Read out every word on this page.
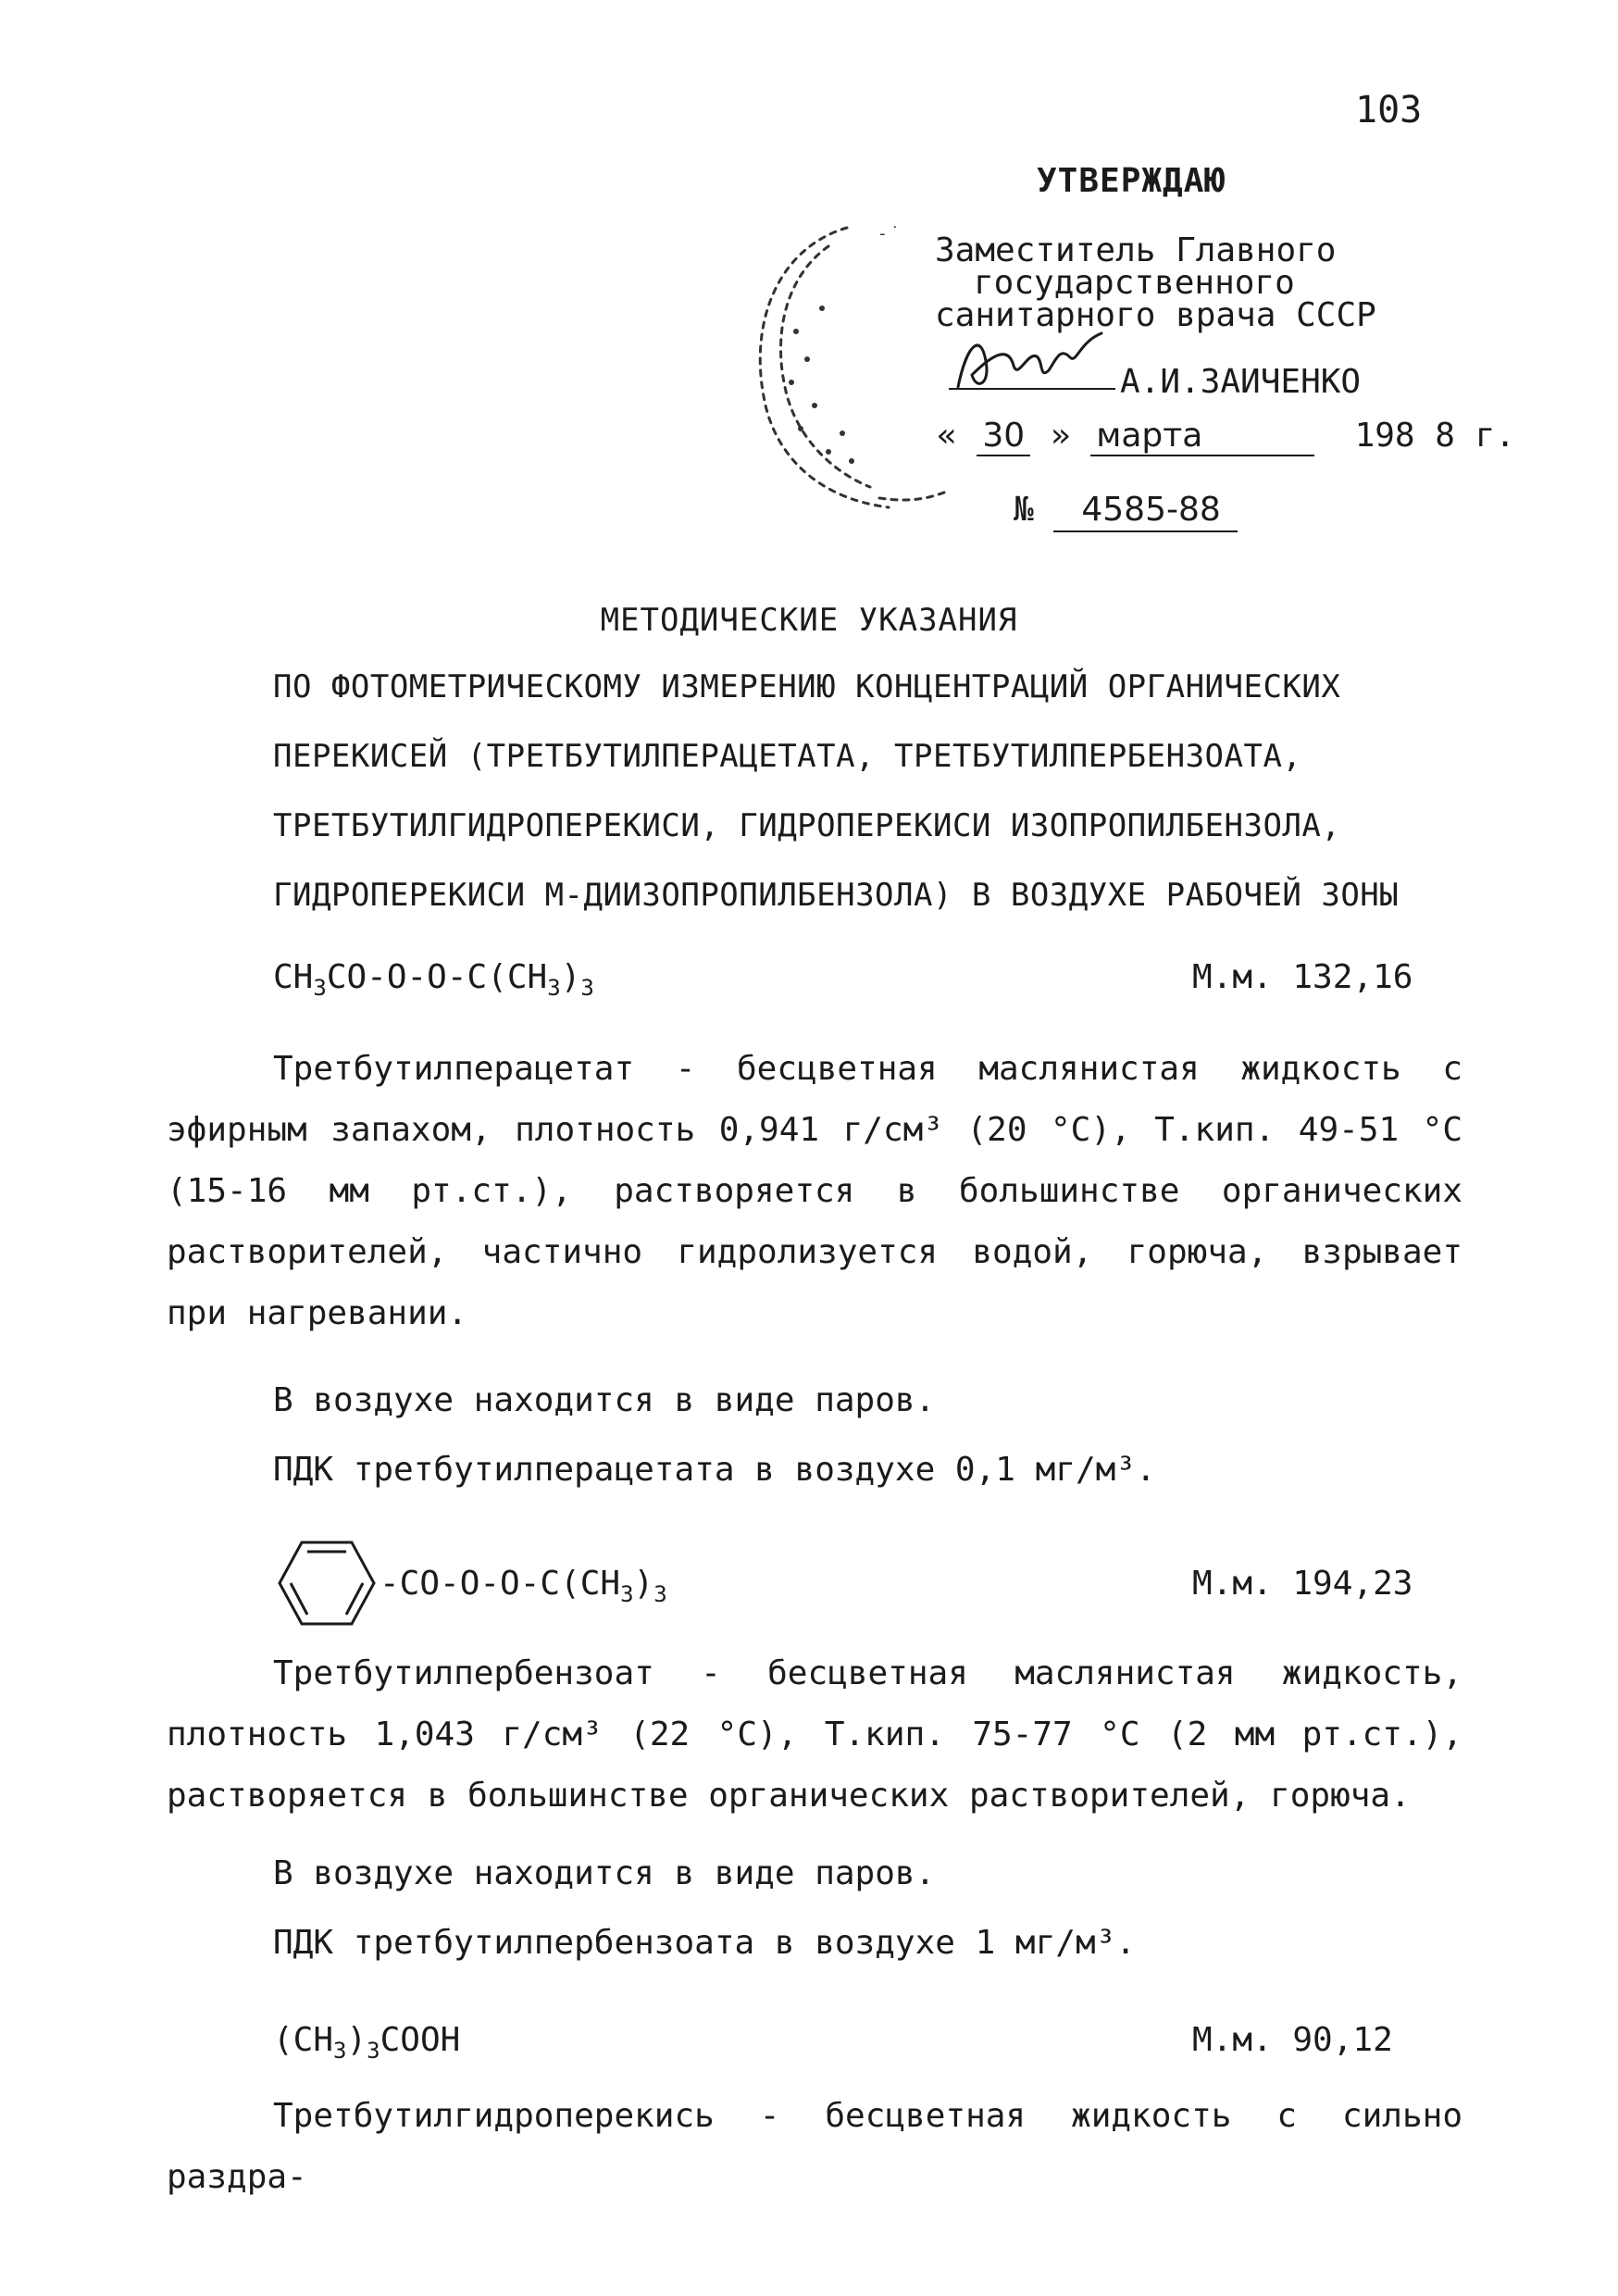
103
- ˙
УТВЕРЖДАЮ
Заместитель Главного
государственного
санитарного врача СССР
А.И.ЗАИЧЕНКО
« 30 » марта	198 8 г.
№ 4585-88
МЕТОДИЧЕСКИЕ УКАЗАНИЯ
ПО ФОТОМЕТРИЧЕСКОМУ ИЗМЕРЕНИЮ КОНЦЕНТРАЦИЙ ОРГАНИЧЕСКИХ
ПЕРЕКИСЕЙ (ТРЕТБУТИЛПЕРАЦЕТАТА, ТРЕТБУТИЛПЕРБЕНЗОАТА,
ТРЕТБУТИЛГИДРОПЕРЕКИСИ, ГИДРОПЕРЕКИСИ ИЗОПРОПИЛБЕНЗОЛА,
ГИДРОПЕРЕКИСИ М-ДИИЗОПРОПИЛБЕНЗОЛА) В ВОЗДУХЕ РАБОЧЕЙ ЗОНЫ
$CH_3CO-O-O-C(CH_3)_3$	М.м. 132,16
Третбутилперацетат - бесцветная маслянистая жидкость с эфирным запахом, плотность 0,941 г/см³ (20 °С), Т.кип. 49-51 °С (15-16 мм рт.ст.), растворяется в большинстве органических растворителей, частично гидролизуется водой, горюча, взрывает при нагревании.
В воздухе находится в виде паров.
ПДК третбутилперацетата в воздухе 0,1 мг/м³.
$-CO-O-O-C(CH_3)_3$	М.м. 194,23
Третбутилпербензоат - бесцветная маслянистая жидкость, плотность 1,043 г/см³ (22 °С), Т.кип. 75-77 °С (2 мм рт.ст.), растворяется в большинстве органических растворителей, горюча.
В воздухе находится в виде паров.
ПДК третбутилпербензоата в воздухе 1 мг/м³.
$(CH_3)_3COOH$	М.м. 90,12
Третбутилгидроперекись - бесцветная жидкость с сильно раздра-
